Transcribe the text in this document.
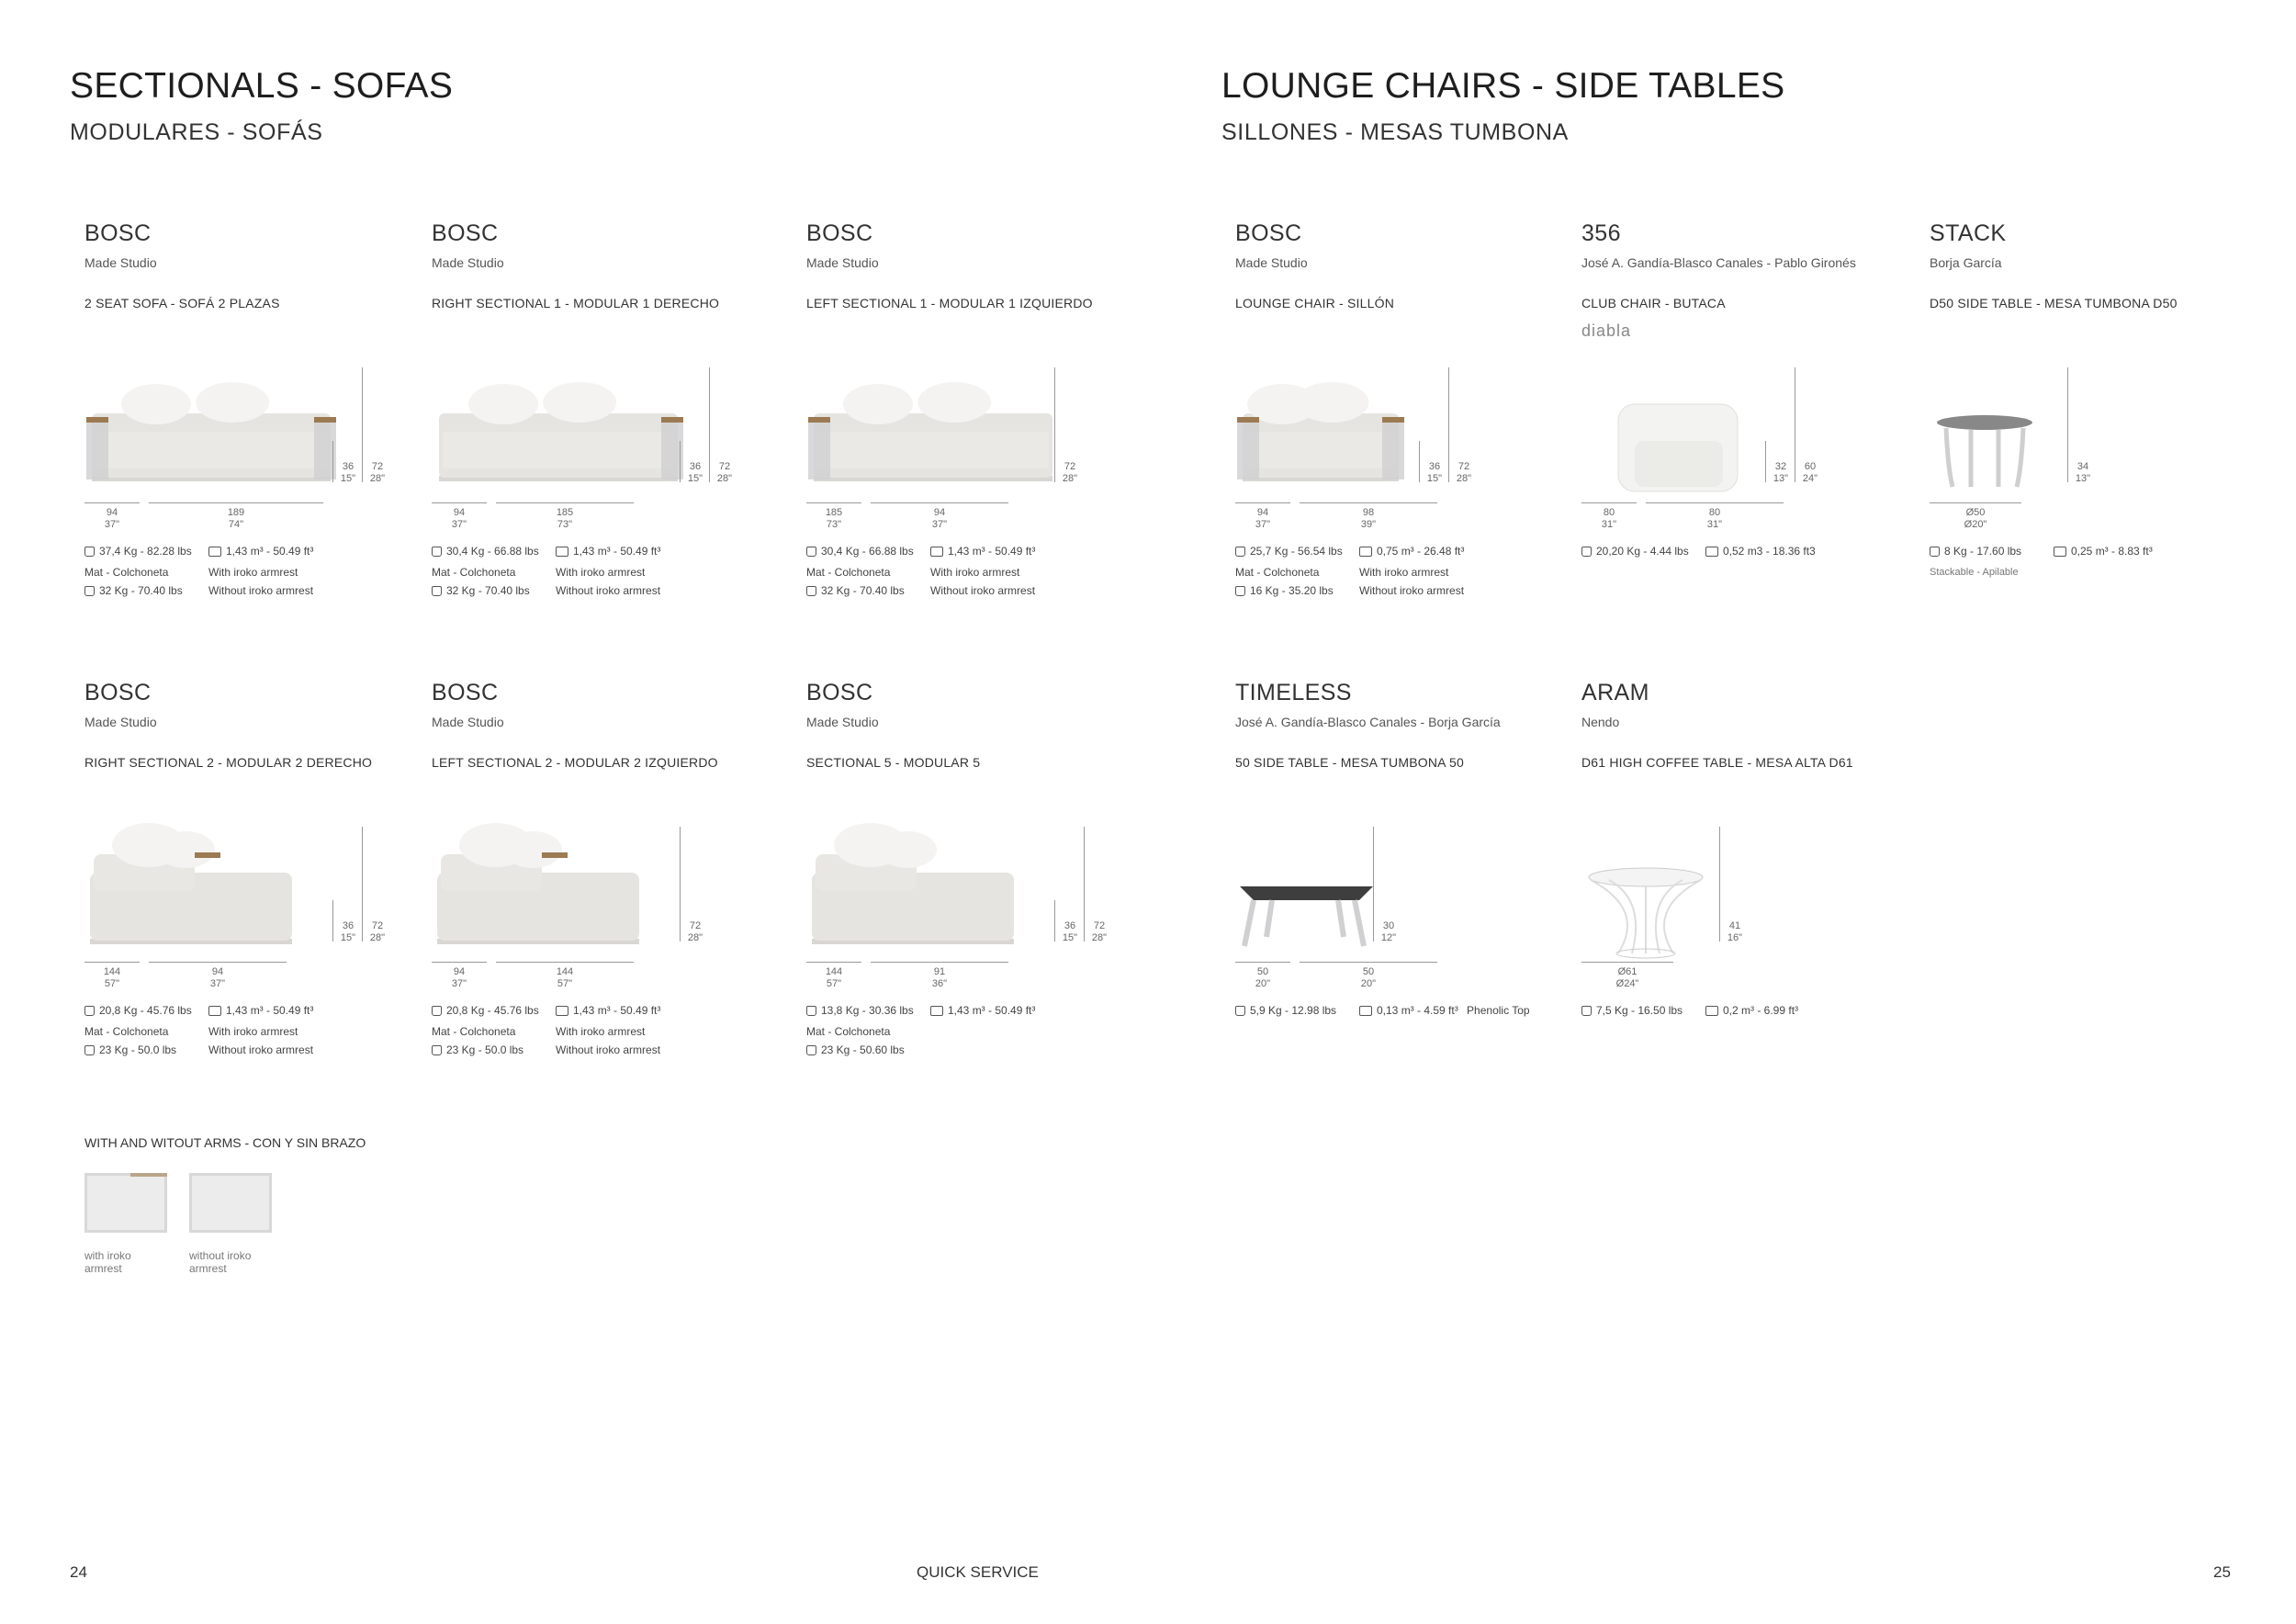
SECTIONALS - SOFAS
MODULARES - SOFÁS
LOUNGE CHAIRS - SIDE TABLES
SILLONES - MESAS TUMBONA
BOSC
Made Studio
2 SEAT SOFA - SOFÁ 2 PLAZAS
94
37"
189
74"
36
15"
72
28"
37,4 Kg - 82.28 lbs	1,43 m³ - 50.49 ft³
Mat - Colchoneta	With iroko armrest
32 Kg - 70.40 lbs Without iroko armrest
BOSC
Made Studio
RIGHT SECTIONAL 1 - MODULAR 1 DERECHO
94
37"
185
73"
36
15"
72
28"
30,4 Kg - 66.88 lbs	1,43 m³ - 50.49 ft³
Mat - Colchoneta	With iroko armrest
32 Kg - 70.40 lbs Without iroko armrest
BOSC
Made Studio
LEFT SECTIONAL 1 - MODULAR 1 IZQUIERDO
185
73"
94
37"
72
28"
30,4 Kg - 66.88 lbs	1,43 m³ - 50.49 ft³
Mat - Colchoneta	With iroko armrest
32 Kg - 70.40 lbs Without iroko armrest
BOSC
Made Studio
LOUNGE CHAIR - SILLÓN
94
37"
98
39"
36
15"
72
28"
25,7 Kg - 56.54 lbs	0,75 m³ - 26.48 ft³
Mat - Colchoneta	With iroko armrest
16 Kg - 35.20 lbs Without iroko armrest
356
José A. Gandía-Blasco Canales - Pablo Gironés
CLUB CHAIR - BUTACA
diabla
80
31"
80
31"
32
13"
60
24"
20,20 Kg - 4.44 lbs	0,52 m3 - 18.36 ft3
STACK
Borja García
D50 SIDE TABLE - MESA TUMBONA D50
Ø50
Ø20"
34
13"
8 Kg - 17.60 lbs	0,25 m³ - 8.83 ft³
Stackable - Apilable
BOSC
Made Studio
RIGHT SECTIONAL 2 - MODULAR 2 DERECHO
144
57"
94
37"
36
15"
72
28"
20,8 Kg - 45.76 lbs	1,43 m³ - 50.49 ft³
Mat - Colchoneta	With iroko armrest
23 Kg - 50.0 lbs	Without iroko armrest
BOSC
Made Studio
LEFT SECTIONAL 2 - MODULAR 2 IZQUIERDO
94
37"
144
57"
72
28"
20,8 Kg - 45.76 lbs	1,43 m³ - 50.49 ft³
Mat - Colchoneta	With iroko armrest
23 Kg - 50.0 lbs	Without iroko armrest
BOSC
Made Studio
SECTIONAL 5 - MODULAR 5
144
57"
91
36"
36
15"
72
28"
13,8 Kg - 30.36 lbs	1,43 m³ - 50.49 ft³
Mat - Colchoneta
23 Kg - 50.60 lbs
TIMELESS
José A. Gandía-Blasco Canales - Borja García
50 SIDE TABLE - MESA TUMBONA 50
50
20"
50
20"
30
12"
5,9 Kg - 12.98 lbs	0,13 m³ - 4.59 ft³
Phenolic Top
ARAM
Nendo
D61 HIGH COFFEE TABLE - MESA ALTA D61
Ø61
Ø24"
41
16"
7,5 Kg - 16.50 lbs	0,2 m³ - 6.99 ft³
WITH AND WITOUT ARMS - CON Y SIN BRAZO
with iroko armrest
without iroko armrest
24	QUICK SERVICE	25
